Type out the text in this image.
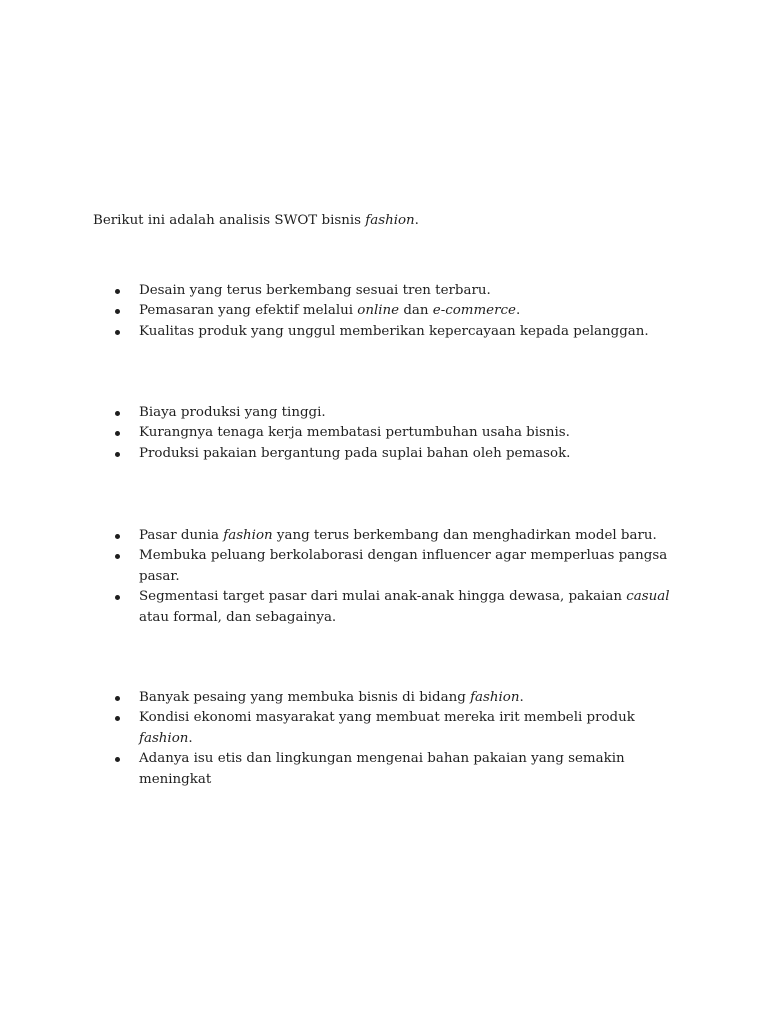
Berikut ini adalah analisis SWOT bisnis fashion.

Desain yang terus berkembang sesuai tren terbaru.
Pemasaran yang efektif melalui online dan e-commerce.
Kualitas produk yang unggul memberikan kepercayaan kepada pelanggan.
Biaya produksi yang tinggi.
Kurangnya tenaga kerja membatasi pertumbuhan usaha bisnis.
Produksi pakaian bergantung pada suplai bahan oleh pemasok.
Pasar dunia fashion yang terus berkembang dan menghadirkan model baru.
Membuka peluang berkolaborasi dengan influencer agar memperluas pangsa pasar.
Segmentasi target pasar dari mulai anak-anak hingga dewasa, pakaian casual atau formal, dan sebagainya.
Banyak pesaing yang membuka bisnis di bidang fashion.
Kondisi ekonomi masyarakat yang membuat mereka irit membeli produk fashion.
Adanya isu etis dan lingkungan mengenai bahan pakaian yang semakin meningkat
